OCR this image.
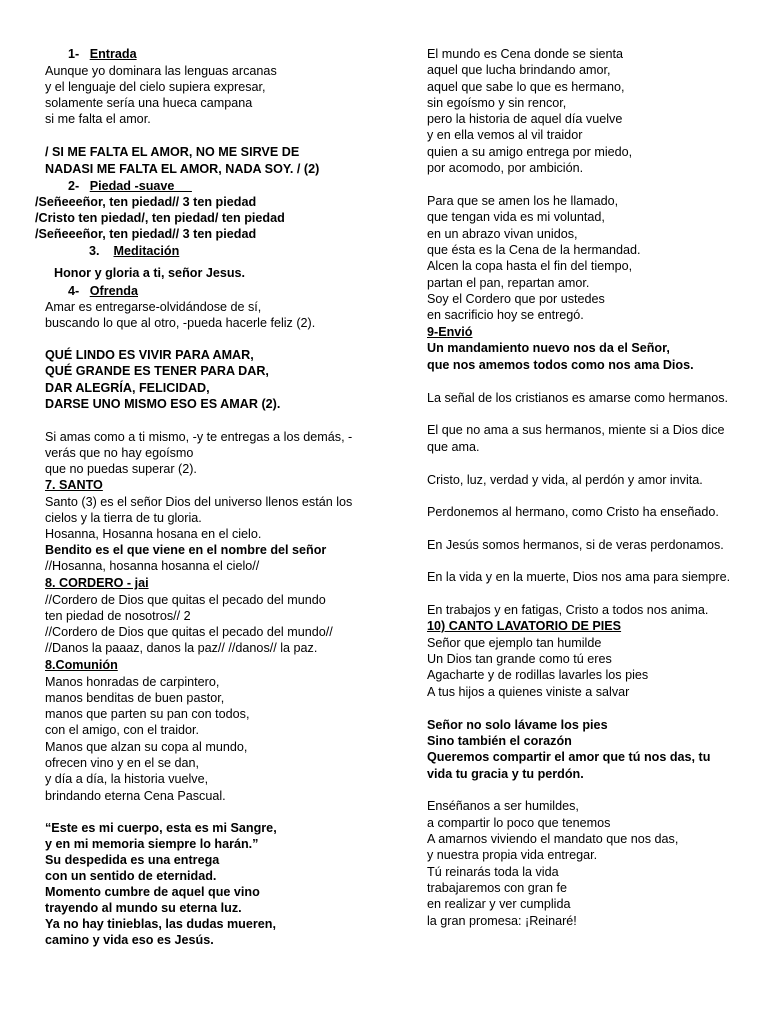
1- Entrada
Aunque yo dominara las lenguas arcanas
y el lenguaje del cielo supiera expresar,
solamente sería una hueca campana
si me falta el amor.
/ SI ME FALTA EL AMOR, NO ME SIRVE DE
NADASI ME FALTA EL AMOR, NADA SOY. / (2)
2- Piedad -suave
/Señeeeñor, ten piedad// 3 ten piedad
/Cristo ten piedad/, ten piedad/ ten piedad
/Señeeeñor, ten piedad// 3 ten piedad
3. Meditación
Honor y gloria a ti, señor Jesus.
4- Ofrenda
Amar es entregarse-olvidándose de sí,
buscando lo que al otro, -pueda hacerle feliz (2).
QUÉ LINDO ES VIVIR PARA AMAR,
QUÉ GRANDE ES TENER PARA DAR,
DAR ALEGRÍA, FELICIDAD,
DARSE UNO MISMO ESO ES AMAR (2).
Si amas como a ti mismo, -y te entregas a los demás, -
verás que no hay egoísmo
que no puedas superar (2).
7. SANTO
Santo (3) es el señor Dios del universo llenos están los
cielos y la tierra de tu gloria.
Hosanna, Hosanna hosana en el cielo.
Bendito es el que viene en el nombre del señor
//Hosanna, hosanna hosanna el cielo//
8. CORDERO - jai
//Cordero de Dios que quitas el pecado del mundo
ten piedad de nosotros// 2
//Cordero de Dios que quitas el pecado del mundo//
//Danos la paaaz, danos la paz// //danos// la paz.
8.Comunión
Manos honradas de carpintero,
manos benditas de buen pastor,
manos que parten su pan con todos,
con el amigo, con el traidor.
Manos que alzan su copa al mundo,
ofrecen vino y en el se dan,
y día a día, la historia vuelve,
brindando eterna Cena Pascual.
“Este es mi cuerpo, esta es mi Sangre,
y en mi memoria siempre lo harán.”
Su despedida es una entrega
con un sentido de eternidad.
Momento cumbre de aquel que vino
trayendo al mundo su eterna luz.
Ya no hay tinieblas, las dudas mueren,
camino y vida eso es Jesús.
El mundo es Cena donde se sienta
aquel que lucha brindando amor,
aquel que sabe lo que es hermano,
sin egoísmo y sin rencor,
pero la historia de aquel día vuelve
y en ella vemos al vil traidor
quien a su amigo entrega por miedo,
por acomodo, por ambición.
Para que se amen los he llamado,
que tengan vida es mi voluntad,
en un abrazo vivan unidos,
que ésta es la Cena de la hermandad.
Alcen la copa hasta el fin del tiempo,
partan el pan, repartan amor.
Soy el Cordero que por ustedes
en sacrificio hoy se entregó.
9-Envió
Un mandamiento nuevo nos da el Señor,
que nos amemos todos como nos ama Dios.
La señal de los cristianos es amarse como hermanos.
El que no ama a sus hermanos, miente si a Dios dice
que ama.
Cristo, luz, verdad y vida, al perdón y amor invita.
Perdonemos al hermano, como Cristo ha enseñado.
En Jesús somos hermanos, si de veras perdonamos.
En la vida y en la muerte, Dios nos ama para siempre.
En trabajos y en fatigas, Cristo a todos nos anima.
10) CANTO LAVATORIO DE PIES
Señor que ejemplo tan humilde
Un Dios tan grande como tú eres
Agacharte y de rodillas lavarles los pies
A tus hijos a quienes viniste a salvar
Señor no solo lávame los pies
Sino también el corazón
Queremos compartir el amor que tú nos das, tu
vida tu gracia y tu perdón.
Enséñanos a ser humildes,
a compartir lo poco que tenemos
A amarnos viviendo el mandato que nos das,
y nuestra propia vida entregar.
Tú reinarás toda la vida
trabajaremos con gran fe
en realizar y ver cumplida
la gran promesa: ¡Reinaré!
